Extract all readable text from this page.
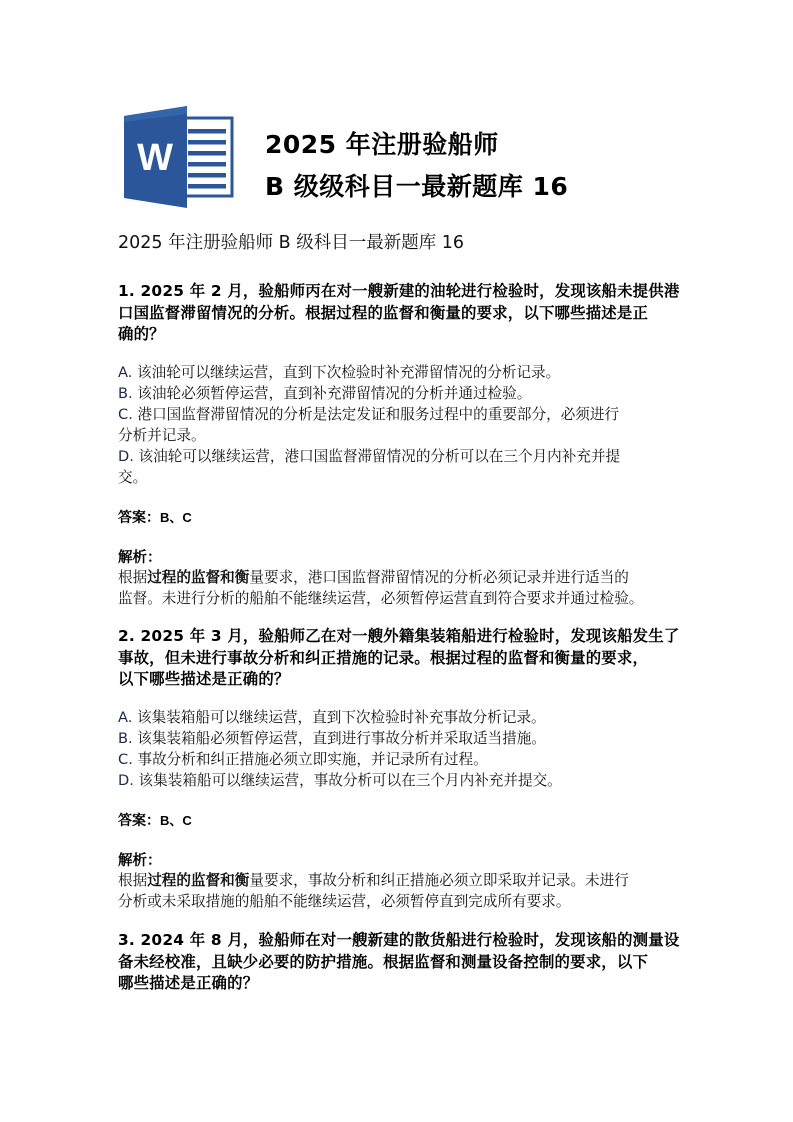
W	2025 年注册验船师
B 级级科目一最新题库 16
2025 年注册验船师 B 级科目一最新题库 16
1. 2025 年 2 月，验船师丙在对一艘新建的油轮进行检验时，发现该船未提供港
口国监督滞留情况的分析。根据过程的监督和衡量的要求，以下哪些描述是正
确的？
A. 该油轮可以继续运营，直到下次检验时补充滞留情况的分析记录。
B. 该油轮必须暂停运营，直到补充滞留情况的分析并通过检验。
C. 港口国监督滞留情况的分析是法定发证和服务过程中的重要部分，必须进行
分析并记录。
D. 该油轮可以继续运营，港口国监督滞留情况的分析可以在三个月内补充并提
交。
答案：B、C
解析：
根据过程的监督和衡量要求，港口国监督滞留情况的分析必须记录并进行适当的
监督。未进行分析的船舶不能继续运营，必须暂停运营直到符合要求并通过检验。
2. 2025 年 3 月，验船师乙在对一艘外籍集装箱船进行检验时，发现该船发生了
事故，但未进行事故分析和纠正措施的记录。根据过程的监督和衡量的要求，
以下哪些描述是正确的？
A. 该集装箱船可以继续运营，直到下次检验时补充事故分析记录。
B. 该集装箱船必须暂停运营，直到进行事故分析并采取适当措施。
C. 事故分析和纠正措施必须立即实施，并记录所有过程。
D. 该集装箱船可以继续运营，事故分析可以在三个月内补充并提交。
答案：B、C
解析：
根据过程的监督和衡量要求，事故分析和纠正措施必须立即采取并记录。未进行
分析或未采取措施的船舶不能继续运营，必须暂停直到完成所有要求。
3. 2024 年 8 月，验船师在对一艘新建的散货船进行检验时，发现该船的测量设
备未经校准，且缺少必要的防护措施。根据监督和测量设备控制的要求，以下
哪些描述是正确的？
